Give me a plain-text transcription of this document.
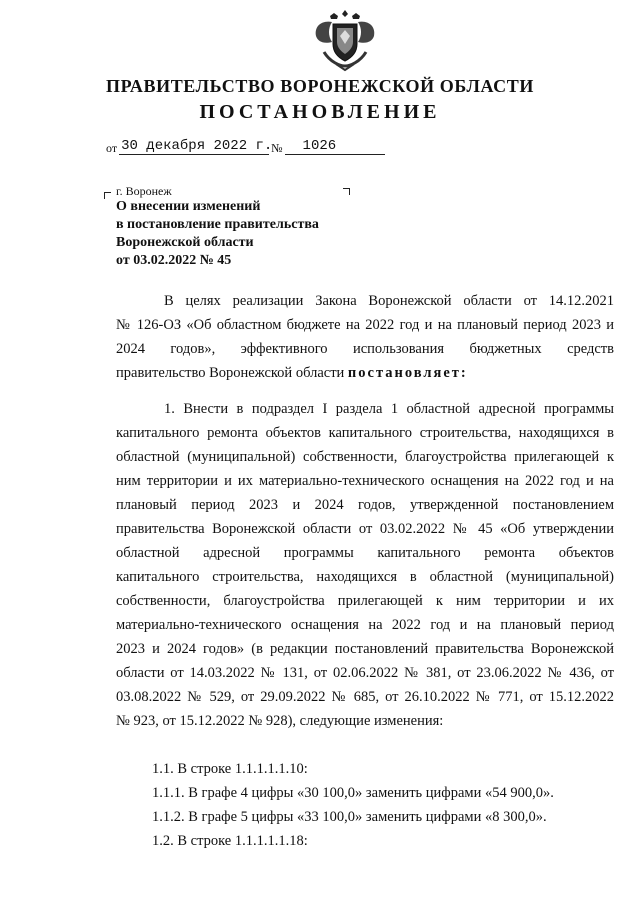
ПРАВИТЕЛЬСТВО ВОРОНЕЖСКОЙ ОБЛАСТИ
ПОСТАНОВЛЕНИЕ
от 30 декабря 2022 г.№ 1026
г. Воронеж
О внесении изменений
в постановление правительства
Воронежской области
от 03.02.2022 № 45

В целях реализации Закона Воронежской области от 14.12.2021

№ 126-ОЗ «Об областном бюджете на 2022 год и на плановый период 2023 и

2024 годов», эффективного использования бюджетных средств

правительство Воронежской области постановляет:

1. Внести в подраздел I раздела 1 областной адресной программы

капитального ремонта объектов капитального строительства, находящихся в

областной (муниципальной) собственности, благоустройства прилегающей к

ним территории и их материально-технического оснащения на 2022 год и на

плановый период 2023 и 2024 годов, утвержденной постановлением

правительства Воронежской области от 03.02.2022 № 45 «Об утверждении

областной адресной программы капитального ремонта объектов

капитального строительства, находящихся в областной (муниципальной)

собственности, благоустройства прилегающей к ним территории и их

материально-технического оснащения на 2022 год и на плановый период

2023 и 2024 годов» (в редакции постановлений правительства Воронежской

области от 14.03.2022 № 131, от 02.06.2022 № 381, от 23.06.2022 № 436, от

03.08.2022 № 529, от 29.09.2022 № 685, от 26.10.2022 № 771, от 15.12.2022

№ 923, от 15.12.2022 № 928), следующие изменения:

1.1. В строке 1.1.1.1.1.10:

1.1.1. В графе 4 цифры «30 100,0» заменить цифрами «54 900,0».

1.1.2. В графе 5 цифры «33 100,0» заменить цифрами «8 300,0».

1.2. В строке 1.1.1.1.1.18:
